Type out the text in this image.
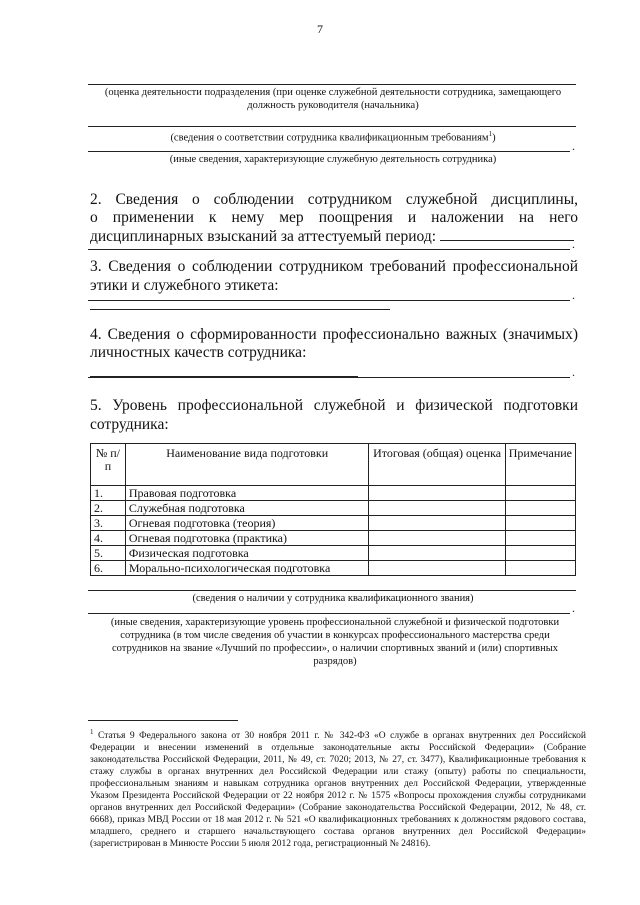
7
(оценка деятельности подразделения (при оценке служебной деятельности сотрудника, замещающего должность руководителя (начальника)
(сведения о соответствии сотрудника квалификационным требованиям$^1$)
.
(иные сведения, характеризующие служебную деятельность сотрудника)
2. Сведения о соблюдении сотрудником служебной дисциплины,
о применении к нему мер поощрения и наложении на него
дисциплинарных взысканий за аттестуемый период:	.
3. Сведения о соблюдении сотрудником требований профессиональной
этики и служебного этикета:
.
4. Сведения о сформированности профессионально важных (значимых)
личностных качеств сотрудника:
.
5. Уровень профессиональной служебной и физической подготовки
сотрудника:
№ п/п	Наименование вида подготовки	Итоговая (общая) оценка	Примечание
1.	Правовая подготовка		
2.	Служебная подготовка		
3.	Огневая подготовка (теория)		
4.	Огневая подготовка (практика)		
5.	Физическая подготовка		
6.	Морально-психологическая подготовка		
(сведения о наличии у сотрудника квалификационного звания)
.
(иные сведения, характеризующие уровень профессиональной служебной и физической подготовки сотрудника (в том числе сведения об участии в конкурсах профессионального мастерства среди сотрудников на звание «Лучший по профессии», о наличии спортивных званий и (или) спортивных разрядов)
$^1$ Статья 9 Федерального закона от 30 ноября 2011 г. № 342-ФЗ «О службе в органах внутренних дел Российской Федерации и внесении изменений в отдельные законодательные акты Российской Федерации» (Собрание законодательства Российской Федерации, 2011, № 49, ст. 7020; 2013, № 27, ст. 3477), Квалификационные требования к стажу службы в органах внутренних дел Российской Федерации или стажу (опыту) работы по специальности, профессиональным знаниям и навыкам сотрудника органов внутренних дел Российской Федерации, утвержденные Указом Президента Российской Федерации от 22 ноября 2012 г. № 1575 «Вопросы прохождения службы сотрудниками органов внутренних дел Российской Федерации» (Собрание законодательства Российской Федерации, 2012, № 48, ст. 6668), приказ МВД России от 18 мая 2012 г. № 521 «О квалификационных требованиях к должностям рядового состава, младшего, среднего и старшего начальствующего состава органов внутренних дел Российской Федерации» (зарегистрирован в Минюсте России 5 июля 2012 года, регистрационный № 24816).
